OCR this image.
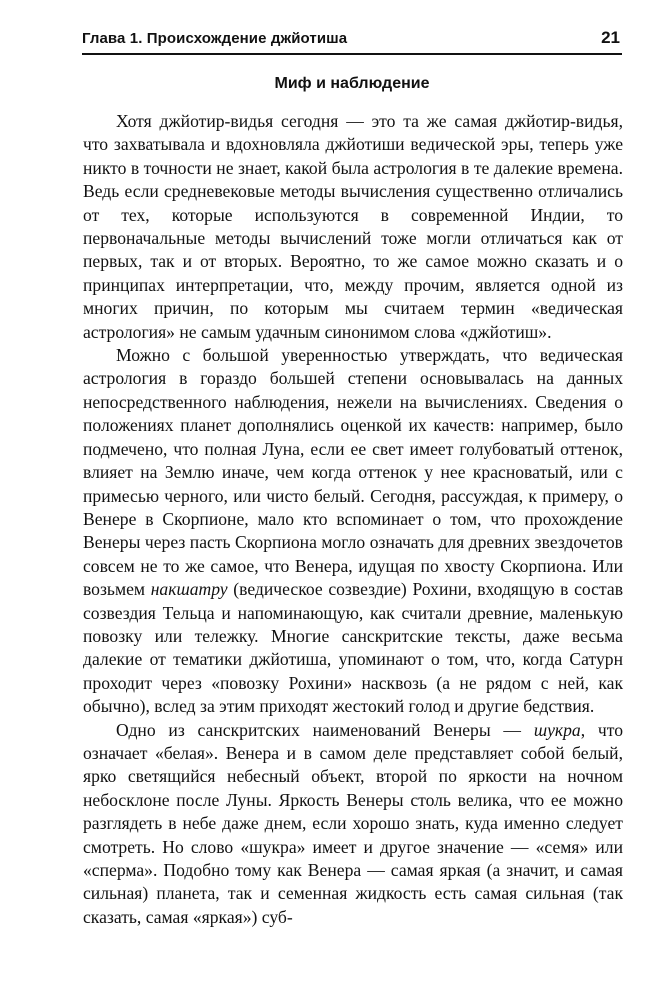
Глава 1. Происхождение джйотиша	21
Миф и наблюдение

Хотя джйотир-видья сегодня — это та же самая джйотир-видья, что захватывала и вдохновляла джйотиши ведической эры, теперь уже никто в точности не знает, какой была астрология в те далекие времена. Ведь если средневековые методы вычисления существенно отличались от тех, которые используются в современной Индии, то первоначальные методы вычислений тоже могли отличаться как от первых, так и от вторых. Вероятно, то же самое можно сказать и о принципах интерпретации, что, между прочим, является одной из многих причин, по которым мы считаем термин «ведическая астрология» не самым удачным синонимом слова «джйотиш».

Можно с большой уверенностью утверждать, что ведическая астрология в гораздо большей степени основывалась на данных непосредственного наблюдения, нежели на вычислениях. Сведения о положениях планет дополнялись оценкой их качеств: например, было подмечено, что полная Луна, если ее свет имеет голубоватый оттенок, влияет на Землю иначе, чем когда оттенок у нее красноватый, или с примесью черного, или чисто белый. Сегодня, рассуждая, к примеру, о Венере в Скорпионе, мало кто вспоминает о том, что прохождение Венеры через пасть Скорпиона могло означать для древних звездочетов совсем не то же самое, что Венера, идущая по хвосту Скорпиона. Или возьмем накшатру (ведическое созвездие) Рохини, входящую в состав созвездия Тельца и напоминающую, как считали древние, маленькую повозку или тележку. Многие санскритские тексты, даже весьма далекие от тематики джйотиша, упоминают о том, что, когда Сатурн проходит через «повозку Рохини» насквозь (а не рядом с ней, как обычно), вслед за этим приходят жестокий голод и другие бедствия.

Одно из санскритских наименований Венеры — шукра, что означает «белая». Венера и в самом деле представляет собой белый, ярко светящийся небесный объект, второй по яркости на ночном небосклоне после Луны. Яркость Венеры столь велика, что ее можно разглядеть в небе даже днем, если хорошо знать, куда именно следует смотреть. Но слово «шукра» имеет и другое значение — «семя» или «сперма». Подобно тому как Венера — самая яркая (а значит, и самая сильная) планета, так и семенная жидкость есть самая сильная (так сказать, самая «яркая») суб-
